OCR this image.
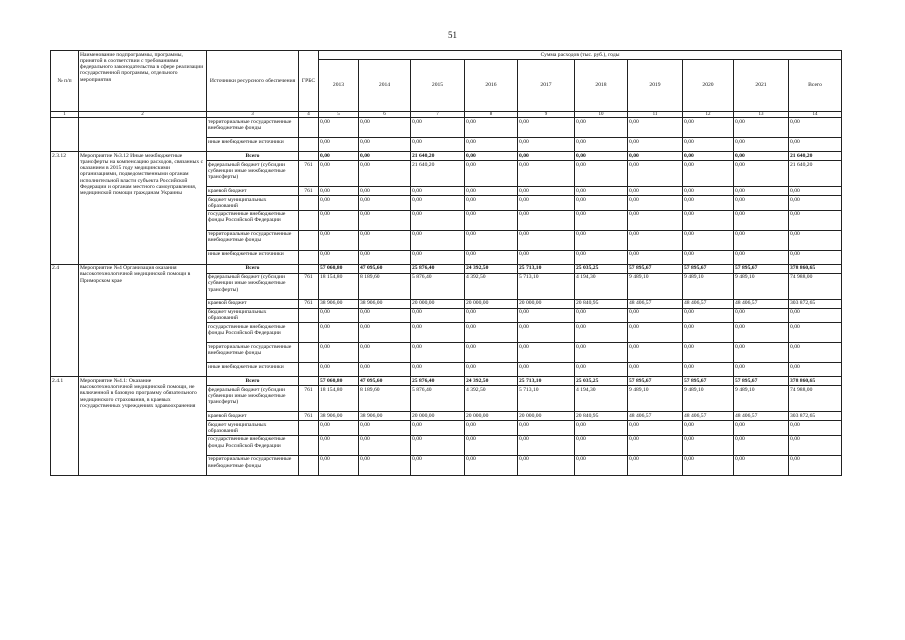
51
№ п/п	Наименование подпрограммы, программы, принятой в соответствии с требованиями федерального законодательства в сфере реализации государственной программы, отдельного мероприятия	Источники ресурсного обеспечения	ГРБС	Сумма расходов (тыс. руб.), годы									
				2013	2014	2015	2016	2017	2018	2019	2020	2021	Всего
1	2	3	4	5	6	7	8	9	10	11	12	13	14
		территориальные государственные внебюджетные фонды		0,00	0,00	0,00	0,00	0,00	0,00	0,00	0,00	0,00	0,00
		иные внебюджетные источники		0,00	0,00	0,00	0,00	0,00	0,00	0,00	0,00	0,00	0,00
2.3.12	Мероприятие №3.12 Иные межбюджетные трансферты на компенсацию расходов, связанных с оказанием в 2015 году медицинскими организациями, подведомственными органам исполнительной власти субъекта Российской Федерации и органам местного самоуправления, медицинской помощи гражданам Украины	Всего		0,00	0,00	21 640,20	0,00	0,00	0,00	0,00	0,00	0,00	21 640,20
		федеральный бюджет (субсидии субвенции иные межбюджетные трансферты)	761	0,00	0,00	21 640,20	0,00	0,00	0,00	0,00	0,00	0,00	21 640,20
		краевой бюджет	761	0,00	0,00	0,00	0,00	0,00	0,00	0,00	0,00	0,00	0,00
		бюджет муниципальных образований		0,00	0,00	0,00	0,00	0,00	0,00	0,00	0,00	0,00	0,00
		государственные внебюджетные фонды Российской Федерации		0,00	0,00	0,00	0,00	0,00	0,00	0,00	0,00	0,00	0,00
		территориальные государственные внебюджетные фонды		0,00	0,00	0,00	0,00	0,00	0,00	0,00	0,00	0,00	0,00
		иные внебюджетные источники		0,00	0,00	0,00	0,00	0,00	0,00	0,00	0,00	0,00	0,00
2.4	Мероприятие №4 Организация оказания высокотехнологичной медицинской помощи в Приморском крае	Всего		57 060,80	47 095,60	25 876,40	24 392,50	25 713,10	25 035,25	57 895,67	57 895,67	57 895,67	378 860,65
		федеральный бюджет (субсидии субвенции иные межбюджетные трансферты)	761	18 154,80	8 189,60	5 876,40	4 392,50	5 713,10	4 194,30	9 489,10	9 489,10	9 489,10	74 988,00
		краевой бюджет	761	38 906,00	38 906,00	20 000,00	20 000,00	20 000,00	20 840,95	48 406,57	48 406,57	48 406,57	303 872,65
		бюджет муниципальных образований		0,00	0,00	0,00	0,00	0,00	0,00	0,00	0,00	0,00	0,00
		государственные внебюджетные фонды Российской Федерации		0,00	0,00	0,00	0,00	0,00	0,00	0,00	0,00	0,00	0,00
		территориальные государственные внебюджетные фонды		0,00	0,00	0,00	0,00	0,00	0,00	0,00	0,00	0,00	0,00
		иные внебюджетные источники		0,00	0,00	0,00	0,00	0,00	0,00	0,00	0,00	0,00	0,00
2.4.1	Мероприятие №4.1: Оказание высокотехнологичной медицинской помощи, не включенной в базовую программу обязательного медицинского страхования, в краевых государственных учреждениях здравоохранения	Всего		57 060,80	47 095,60	25 876,40	24 392,50	25 713,10	25 035,25	57 895,67	57 895,67	57 895,67	378 860,65
		федеральный бюджет (субсидии субвенции иные межбюджетные трансферты)	761	18 154,80	8 189,60	5 876,40	4 392,50	5 713,10	4 194,30	9 489,10	9 489,10	9 489,10	74 988,00
		краевой бюджет	761	38 906,00	38 906,00	20 000,00	20 000,00	20 000,00	20 840,95	48 406,57	48 406,57	48 406,57	303 872,65
		бюджет муниципальных образований		0,00	0,00	0,00	0,00	0,00	0,00	0,00	0,00	0,00	0,00
		государственные внебюджетные фонды Российской Федерации		0,00	0,00	0,00	0,00	0,00	0,00	0,00	0,00	0,00	0,00
		территориальные государственные внебюджетные фонды		0,00	0,00	0,00	0,00	0,00	0,00	0,00	0,00	0,00	0,00
